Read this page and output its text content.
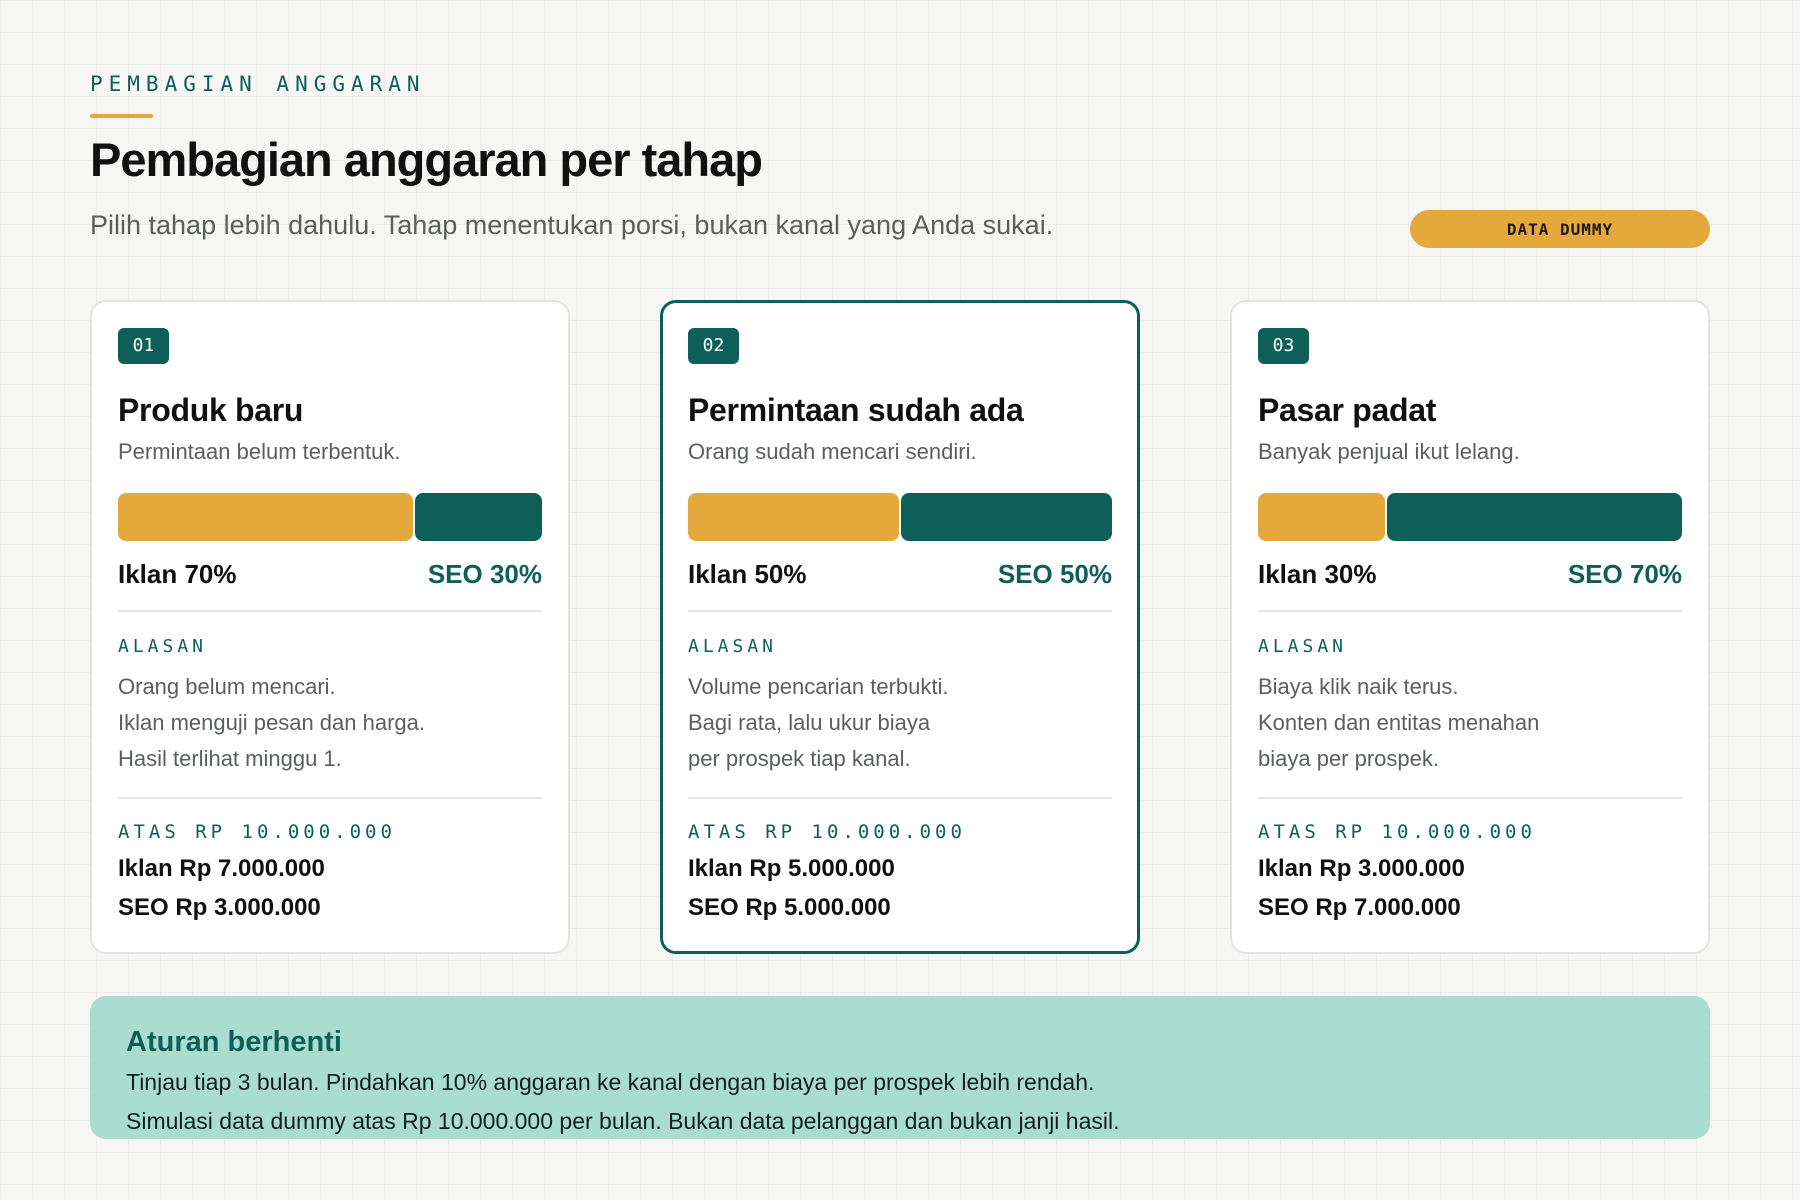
PEMBAGIAN ANGGARAN
Pembagian anggaran per tahap
Pilih tahap lebih dahulu. Tahap menentukan porsi, bukan kanal yang Anda sukai.	DATA DUMMY
01
Produk baru
Permintaan belum terbentuk.
Iklan 70%	SEO 30%
ALASAN
Orang belum mencari.
Iklan menguji pesan dan harga.
Hasil terlihat minggu 1.
ATAS RP 10.000.000
Iklan Rp 7.000.000
SEO Rp 3.000.000
02
Permintaan sudah ada
Orang sudah mencari sendiri.
Iklan 50%	SEO 50%
ALASAN
Volume pencarian terbukti.
Bagi rata, lalu ukur biaya
per prospek tiap kanal.
ATAS RP 10.000.000
Iklan Rp 5.000.000
SEO Rp 5.000.000
03
Pasar padat
Banyak penjual ikut lelang.
Iklan 30%	SEO 70%
ALASAN
Biaya klik naik terus.
Konten dan entitas menahan
biaya per prospek.
ATAS RP 10.000.000
Iklan Rp 3.000.000
SEO Rp 7.000.000
Aturan berhenti
Tinjau tiap 3 bulan. Pindahkan 10% anggaran ke kanal dengan biaya per prospek lebih rendah.
Simulasi data dummy atas Rp 10.000.000 per bulan. Bukan data pelanggan dan bukan janji hasil.
